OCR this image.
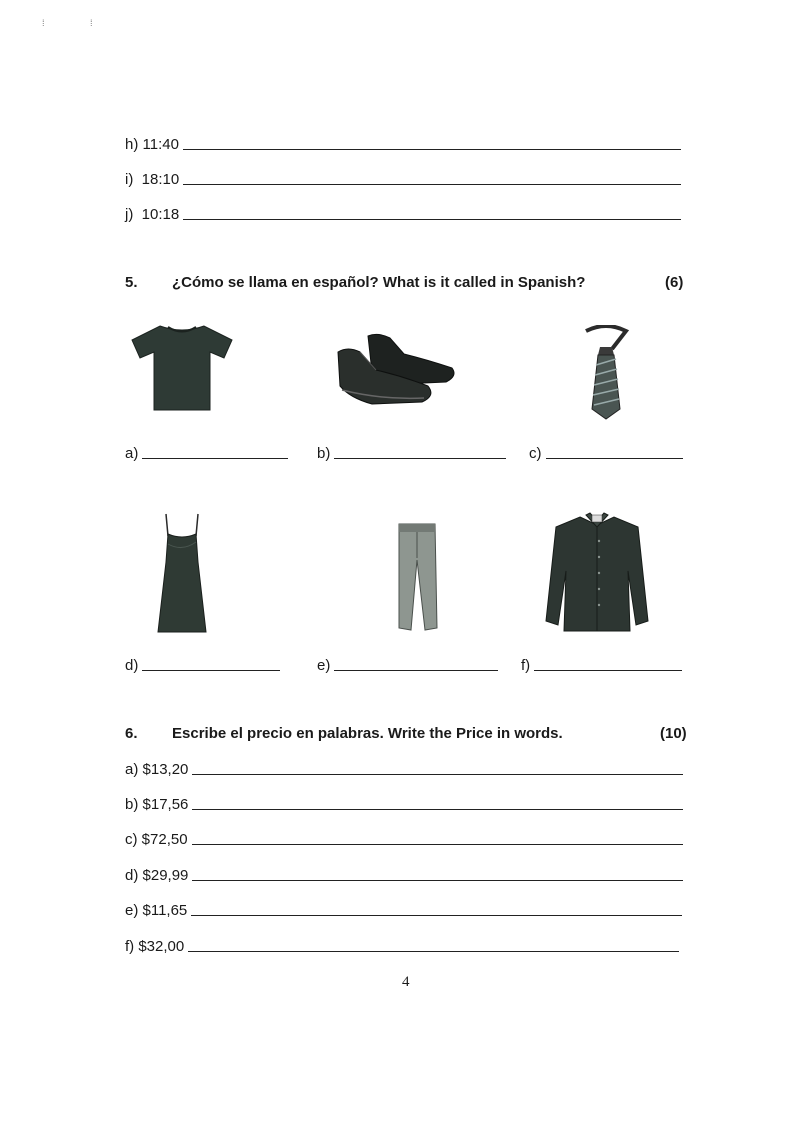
⁞	⁞
h) 11:40
i)  18:10
j)  10:18
5.	¿Cómo se llama en español? What is it called in Spanish?	(6)
a)	b)	c)
d)	e)	f)
6.	Escribe el precio en palabras. Write the Price in words.	(10)
a) $13,20
b) $17,56
c) $72,50
d) $29,99
e) $11,65
f) $32,00
4
